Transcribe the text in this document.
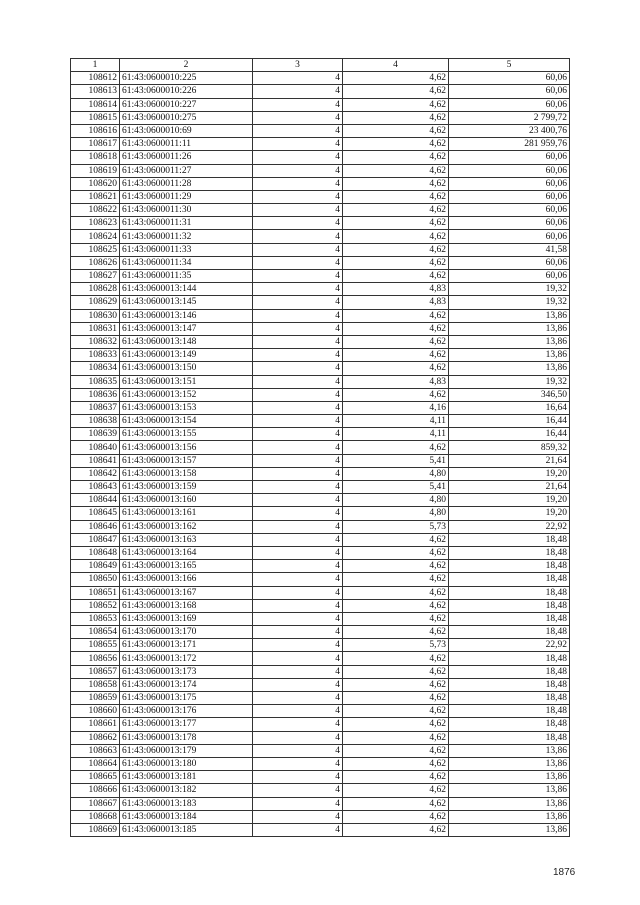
1	2	3	4	5
108612	61:43:0600010:225	4	4,62	60,06
108613	61:43:0600010:226	4	4,62	60,06
108614	61:43:0600010:227	4	4,62	60,06
108615	61:43:0600010:275	4	4,62	2 799,72
108616	61:43:0600010:69	4	4,62	23 400,76
108617	61:43:0600011:11	4	4,62	281 959,76
108618	61:43:0600011:26	4	4,62	60,06
108619	61:43:0600011:27	4	4,62	60,06
108620	61:43:0600011:28	4	4,62	60,06
108621	61:43:0600011:29	4	4,62	60,06
108622	61:43:0600011:30	4	4,62	60,06
108623	61:43:0600011:31	4	4,62	60,06
108624	61:43:0600011:32	4	4,62	60,06
108625	61:43:0600011:33	4	4,62	41,58
108626	61:43:0600011:34	4	4,62	60,06
108627	61:43:0600011:35	4	4,62	60,06
108628	61:43:0600013:144	4	4,83	19,32
108629	61:43:0600013:145	4	4,83	19,32
108630	61:43:0600013:146	4	4,62	13,86
108631	61:43:0600013:147	4	4,62	13,86
108632	61:43:0600013:148	4	4,62	13,86
108633	61:43:0600013:149	4	4,62	13,86
108634	61:43:0600013:150	4	4,62	13,86
108635	61:43:0600013:151	4	4,83	19,32
108636	61:43:0600013:152	4	4,62	346,50
108637	61:43:0600013:153	4	4,16	16,64
108638	61:43:0600013:154	4	4,11	16,44
108639	61:43:0600013:155	4	4,11	16,44
108640	61:43:0600013:156	4	4,62	859,32
108641	61:43:0600013:157	4	5,41	21,64
108642	61:43:0600013:158	4	4,80	19,20
108643	61:43:0600013:159	4	5,41	21,64
108644	61:43:0600013:160	4	4,80	19,20
108645	61:43:0600013:161	4	4,80	19,20
108646	61:43:0600013:162	4	5,73	22,92
108647	61:43:0600013:163	4	4,62	18,48
108648	61:43:0600013:164	4	4,62	18,48
108649	61:43:0600013:165	4	4,62	18,48
108650	61:43:0600013:166	4	4,62	18,48
108651	61:43:0600013:167	4	4,62	18,48
108652	61:43:0600013:168	4	4,62	18,48
108653	61:43:0600013:169	4	4,62	18,48
108654	61:43:0600013:170	4	4,62	18,48
108655	61:43:0600013:171	4	5,73	22,92
108656	61:43:0600013:172	4	4,62	18,48
108657	61:43:0600013:173	4	4,62	18,48
108658	61:43:0600013:174	4	4,62	18,48
108659	61:43:0600013:175	4	4,62	18,48
108660	61:43:0600013:176	4	4,62	18,48
108661	61:43:0600013:177	4	4,62	18,48
108662	61:43:0600013:178	4	4,62	18,48
108663	61:43:0600013:179	4	4,62	13,86
108664	61:43:0600013:180	4	4,62	13,86
108665	61:43:0600013:181	4	4,62	13,86
108666	61:43:0600013:182	4	4,62	13,86
108667	61:43:0600013:183	4	4,62	13,86
108668	61:43:0600013:184	4	4,62	13,86
108669	61:43:0600013:185	4	4,62	13,86
1876
